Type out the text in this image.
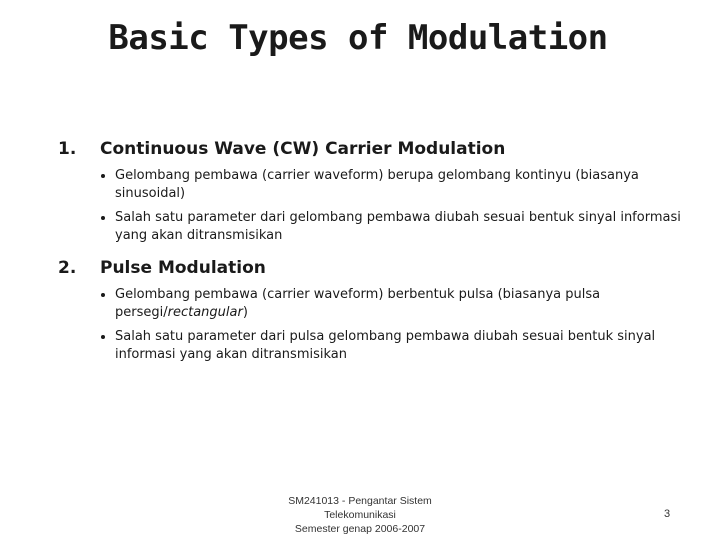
Basic Types of Modulation
1. Continuous Wave (CW) Carrier Modulation
Gelombang pembawa (carrier waveform) berupa gelombang kontinyu (biasanya sinusoidal)
Salah satu parameter dari gelombang pembawa diubah sesuai bentuk sinyal informasi yang akan ditransmisikan
2. Pulse Modulation
Gelombang pembawa (carrier waveform) berbentuk pulsa (biasanya pulsa persegi/rectangular)
Salah satu parameter dari pulsa gelombang pembawa diubah sesuai bentuk sinyal informasi yang akan ditransmisikan
SM241013 - Pengantar Sistem
Telekomunikasi
Semester genap 2006-2007
3
